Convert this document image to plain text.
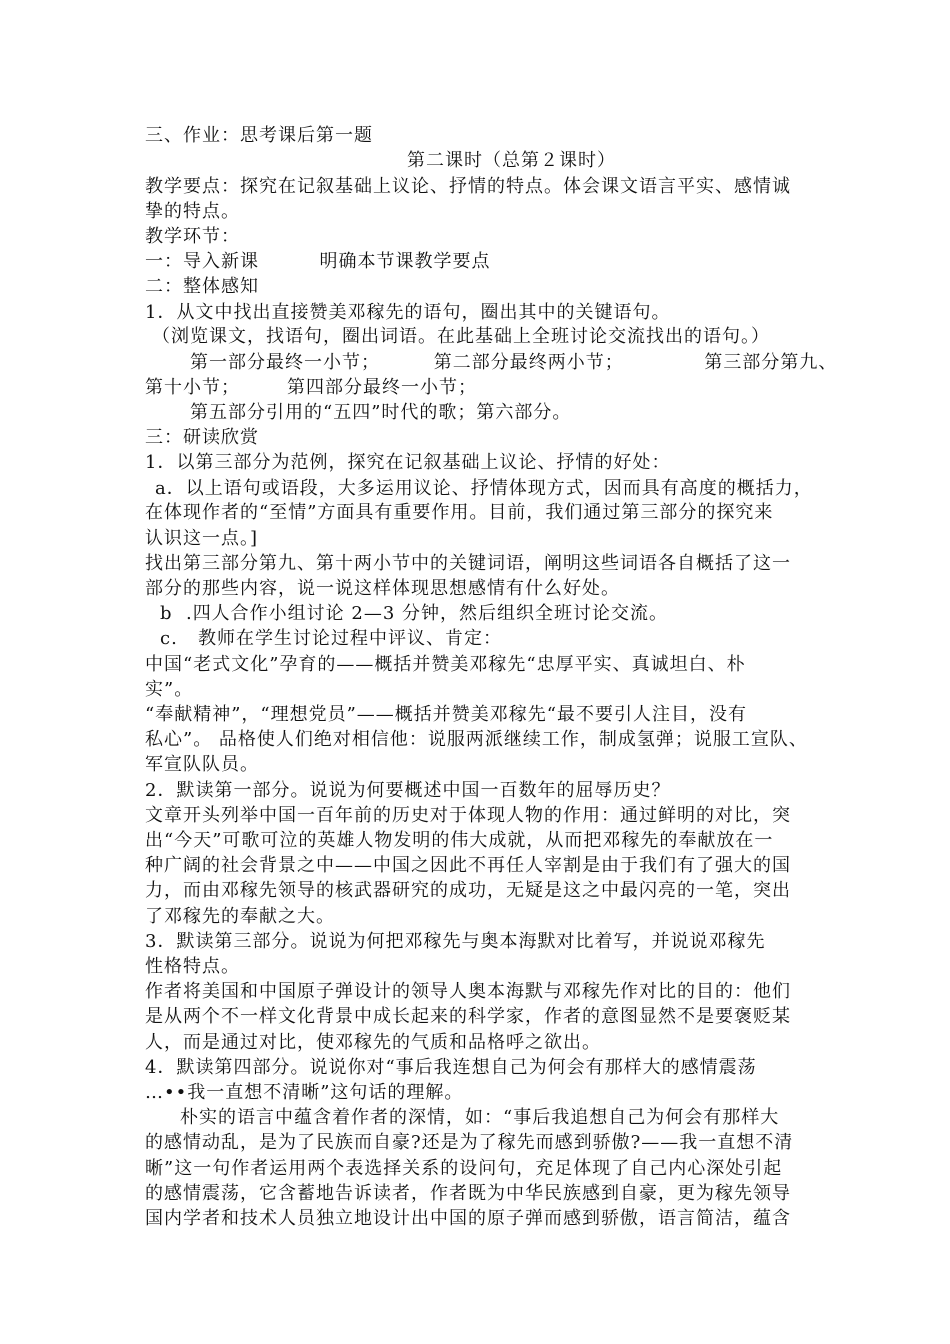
三、作业：思考课后第一题
第二课时（总第２课时）
教学要点：探究在记叙基础上议论、抒情的特点。体会课文语言平实、感情诚
挚的特点。
教学环节：
一：导入新课         明确本节课教学要点
二：整体感知
1．从文中找出直接赞美邓稼先的语句，圈出其中的关键语句。
（浏览课文，找语句，圈出词语。在此基础上全班讨论交流找出的语句。）
第一部分最终一小节；        第二部分最终两小节；            第三部分第九、
第十小节；       第四部分最终一小节；
第五部分引用的“五四”时代的歌；第六部分。
三：研读欣赏
1．以第三部分为范例，探究在记叙基础上议论、抒情的好处：
a．以上语句或语段，大多运用议论、抒情体现方式，因而具有高度的概括力，
在体现作者的“至情”方面具有重要作用。目前，我们通过第三部分的探究来
认识这一点。]
找出第三部分第九、第十两小节中的关键词语，阐明这些词语各自概括了这一
部分的那些内容，说一说这样体现思想感情有什么好处。
b  .四人合作小组讨论 2—3 分钟，然后组织全班讨论交流。
c.   教师在学生讨论过程中评议、肯定：
中国“老式文化”孕育的——概括并赞美邓稼先“忠厚平实、真诚坦白、朴
实”。
“奉献精神”，“理想党员”——概括并赞美邓稼先“最不要引人注目，没有
私心”。 品格使人们绝对相信他：说服两派继续工作，制成氢弹；说服工宣队、
军宣队队员。
2．默读第一部分。说说为何要概述中国一百数年的屈辱历史？
文章开头列举中国一百年前的历史对于体现人物的作用：通过鲜明的对比，突
出“今天”可歌可泣的英雄人物发明的伟大成就，从而把邓稼先的奉献放在一
种广阔的社会背景之中——中国之因此不再任人宰割是由于我们有了强大的国
力，而由邓稼先领导的核武器研究的成功，无疑是这之中最闪亮的一笔，突出
了邓稼先的奉献之大。
3．默读第三部分。说说为何把邓稼先与奥本海默对比着写，并说说邓稼先
性格特点。
作者将美国和中国原子弹设计的领导人奥本海默与邓稼先作对比的目的：他们
是从两个不一样文化背景中成长起来的科学家，作者的意图显然不是要褒贬某
人，而是通过对比，使邓稼先的气质和品格呼之欲出。
4．默读第四部分。说说你对“事后我连想自己为何会有那样大的感情震荡
…••我一直想不清晰”这句话的理解。
朴实的语言中蕴含着作者的深情，如：“事后我追想自己为何会有那样大
的感情动乱，是为了民族而自豪?还是为了稼先而感到骄傲?——我一直想不清
晰”这一句作者运用两个表选择关系的设问句，充足体现了自己内心深处引起
的感情震荡，它含蓄地告诉读者，作者既为中华民族感到自豪，更为稼先领导
国内学者和技术人员独立地设计出中国的原子弹而感到骄傲，语言简洁，蕴含
